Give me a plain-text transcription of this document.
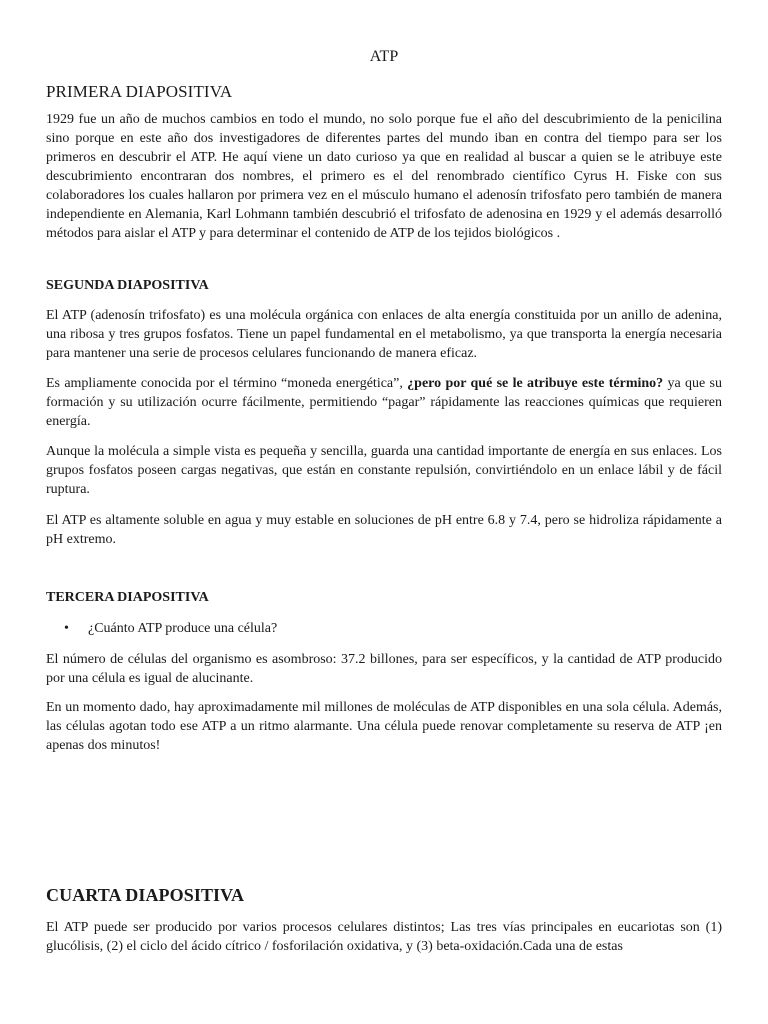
ATP
PRIMERA DIAPOSITIVA
1929 fue un año de muchos cambios en todo el mundo, no solo porque fue el año del descubrimiento de la penicilina sino porque en este año dos investigadores de diferentes partes del mundo iban en contra del tiempo para ser los primeros en descubrir el ATP. He aquí viene un dato curioso ya que en realidad al buscar a quien se le atribuye este descubrimiento encontraran dos nombres, el primero es el del renombrado científico Cyrus H. Fiske con sus colaboradores los cuales hallaron por primera vez en el músculo humano el adenosín trifosfato pero también de manera independiente en Alemania, Karl Lohmann también descubrió el trifosfato de adenosina en 1929 y el además desarrolló métodos para aislar el ATP y para determinar el contenido de ATP de los tejidos biológicos .
SEGUNDA DIAPOSITIVA
El ATP (adenosín trifosfato) es una molécula orgánica con enlaces de alta energía constituida por un anillo de adenina, una ribosa y tres grupos fosfatos. Tiene un papel fundamental en el metabolismo, ya que transporta la energía necesaria para mantener una serie de procesos celulares funcionando de manera eficaz.
Es ampliamente conocida por el término “moneda energética”, ¿pero por qué se le atribuye este término? ya que su formación y su utilización ocurre fácilmente, permitiendo “pagar” rápidamente las reacciones químicas que requieren energía.
Aunque la molécula a simple vista es pequeña y sencilla, guarda una cantidad importante de energía en sus enlaces. Los grupos fosfatos poseen cargas negativas, que están en constante repulsión, convirtiéndolo en un enlace lábil y de fácil ruptura.
El ATP es altamente soluble en agua y muy estable en soluciones de pH entre 6.8 y 7.4, pero se hidroliza rápidamente a pH extremo.
TERCERA DIAPOSITIVA
• ¿Cuánto ATP produce una célula?
El número de células del organismo es asombroso: 37.2 billones, para ser específicos, y la cantidad de ATP producido por una célula es igual de alucinante.
En un momento dado, hay aproximadamente mil millones de moléculas de ATP disponibles en una sola célula. Además, las células agotan todo ese ATP a un ritmo alarmante. Una célula puede renovar completamente su reserva de ATP ¡en apenas dos minutos!
CUARTA DIAPOSITIVA
El ATP puede ser producido por varios procesos celulares distintos; Las tres vías principales en eucariotas son (1) glucólisis, (2) el ciclo del ácido cítrico / fosforilación oxidativa, y (3) beta-oxidación.Cada una de estas
